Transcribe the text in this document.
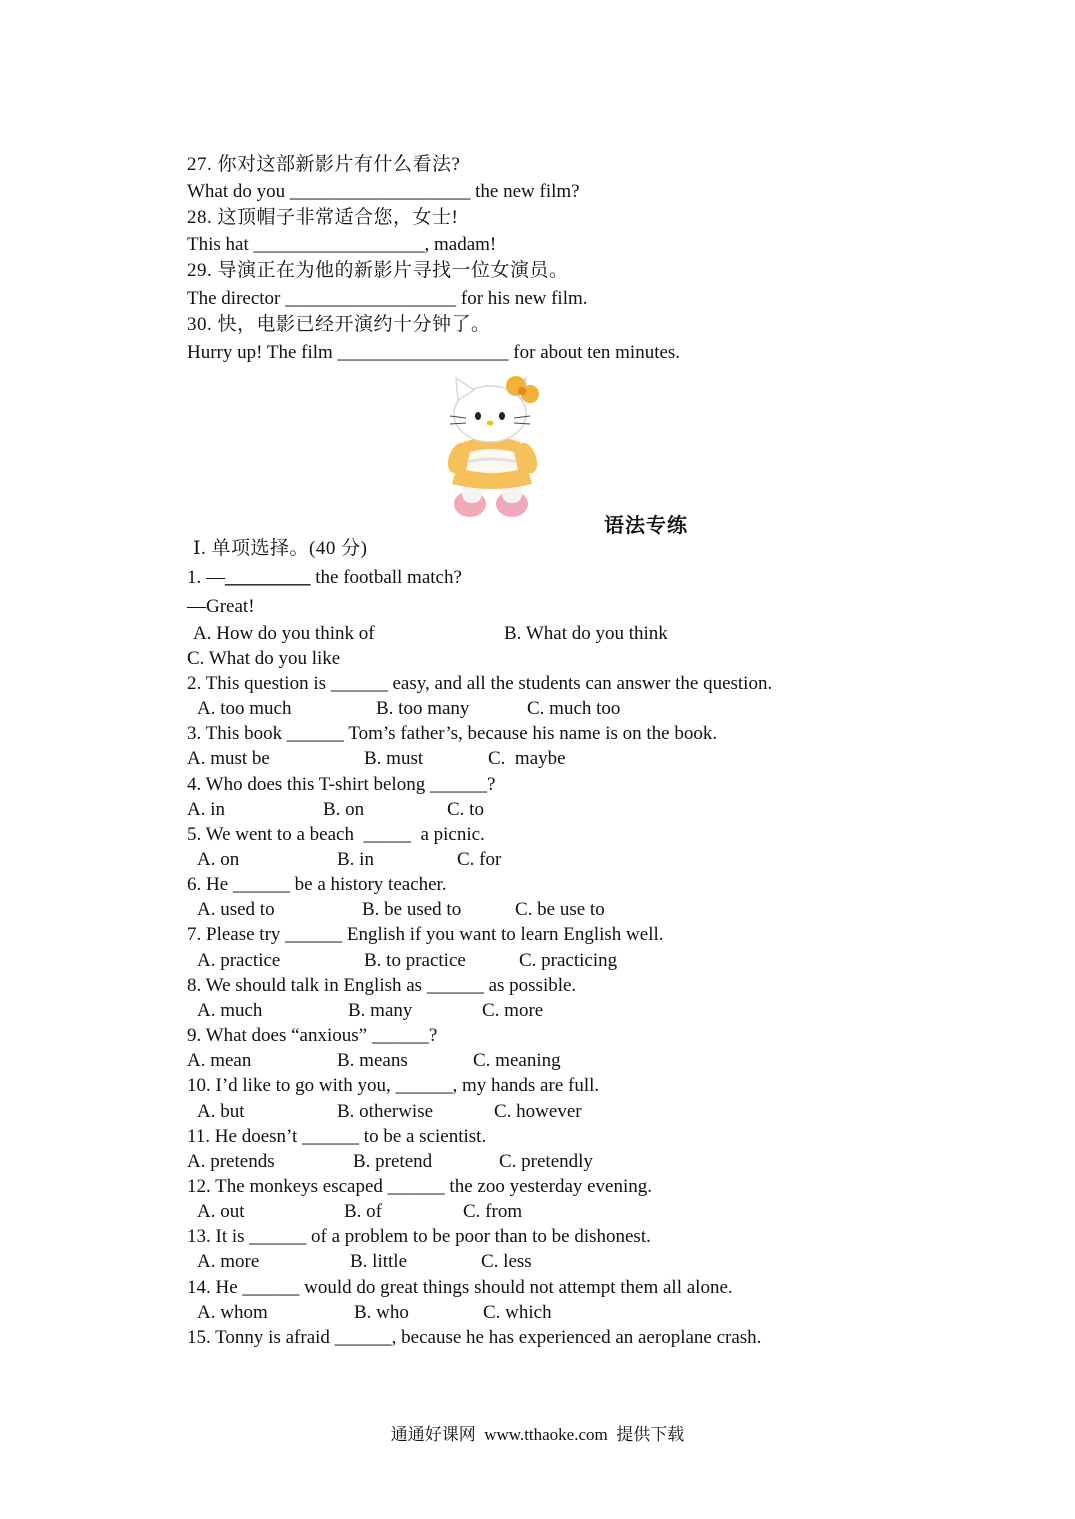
27. 你对这部新影片有什么看法?
What do you ___________________ the new film?
28. 这顶帽子非常适合您，女士!
This hat __________________, madam!
29. 导演正在为他的新影片寻找一位女演员。
The director __________________ for his new film.
30. 快，电影已经开演约十分钟了。
Hurry up! The film __________________ for about ten minutes.
语法专练
Ⅰ. 单项选择。(40 分)
1. —_________ the football match?
—Great!
A. How do you think of	B. What do you think
C. What do you like
2. This question is ______ easy, and all the students can answer the question.
A. too much	B. too many	C. much too
3. This book ______ Tom’s father’s, because his name is on the book.
A. must be	B. must	C.  maybe
4. Who does this T-shirt belong ______?
A. in	B. on	C. to
5. We went to a beach  _____  a picnic.
A. on	B. in	C. for
6. He ______ be a history teacher.
A. used to	B. be used to	C. be use to
7. Please try ______ English if you want to learn English well.
A. practice	B. to practice	C. practicing
8. We should talk in English as ______ as possible.
A. much	B. many	C. more
9. What does “anxious” ______?
A. mean	B. means	C. meaning
10. I’d like to go with you, ______, my hands are full.
A. but	B. otherwise	C. however
11. He doesn’t ______ to be a scientist.
A. pretends	B. pretend	C. pretendly
12. The monkeys escaped ______ the zoo yesterday evening.
A. out	B. of	C. from
13. It is ______ of a problem to be poor than to be dishonest.
A. more	B. little	C. less
14. He ______ would do great things should not attempt them all alone.
A. whom	B. who	C. which
15. Tonny is afraid ______, because he has experienced an aeroplane crash.
通通好课网  www.tthaoke.com  提供下载
